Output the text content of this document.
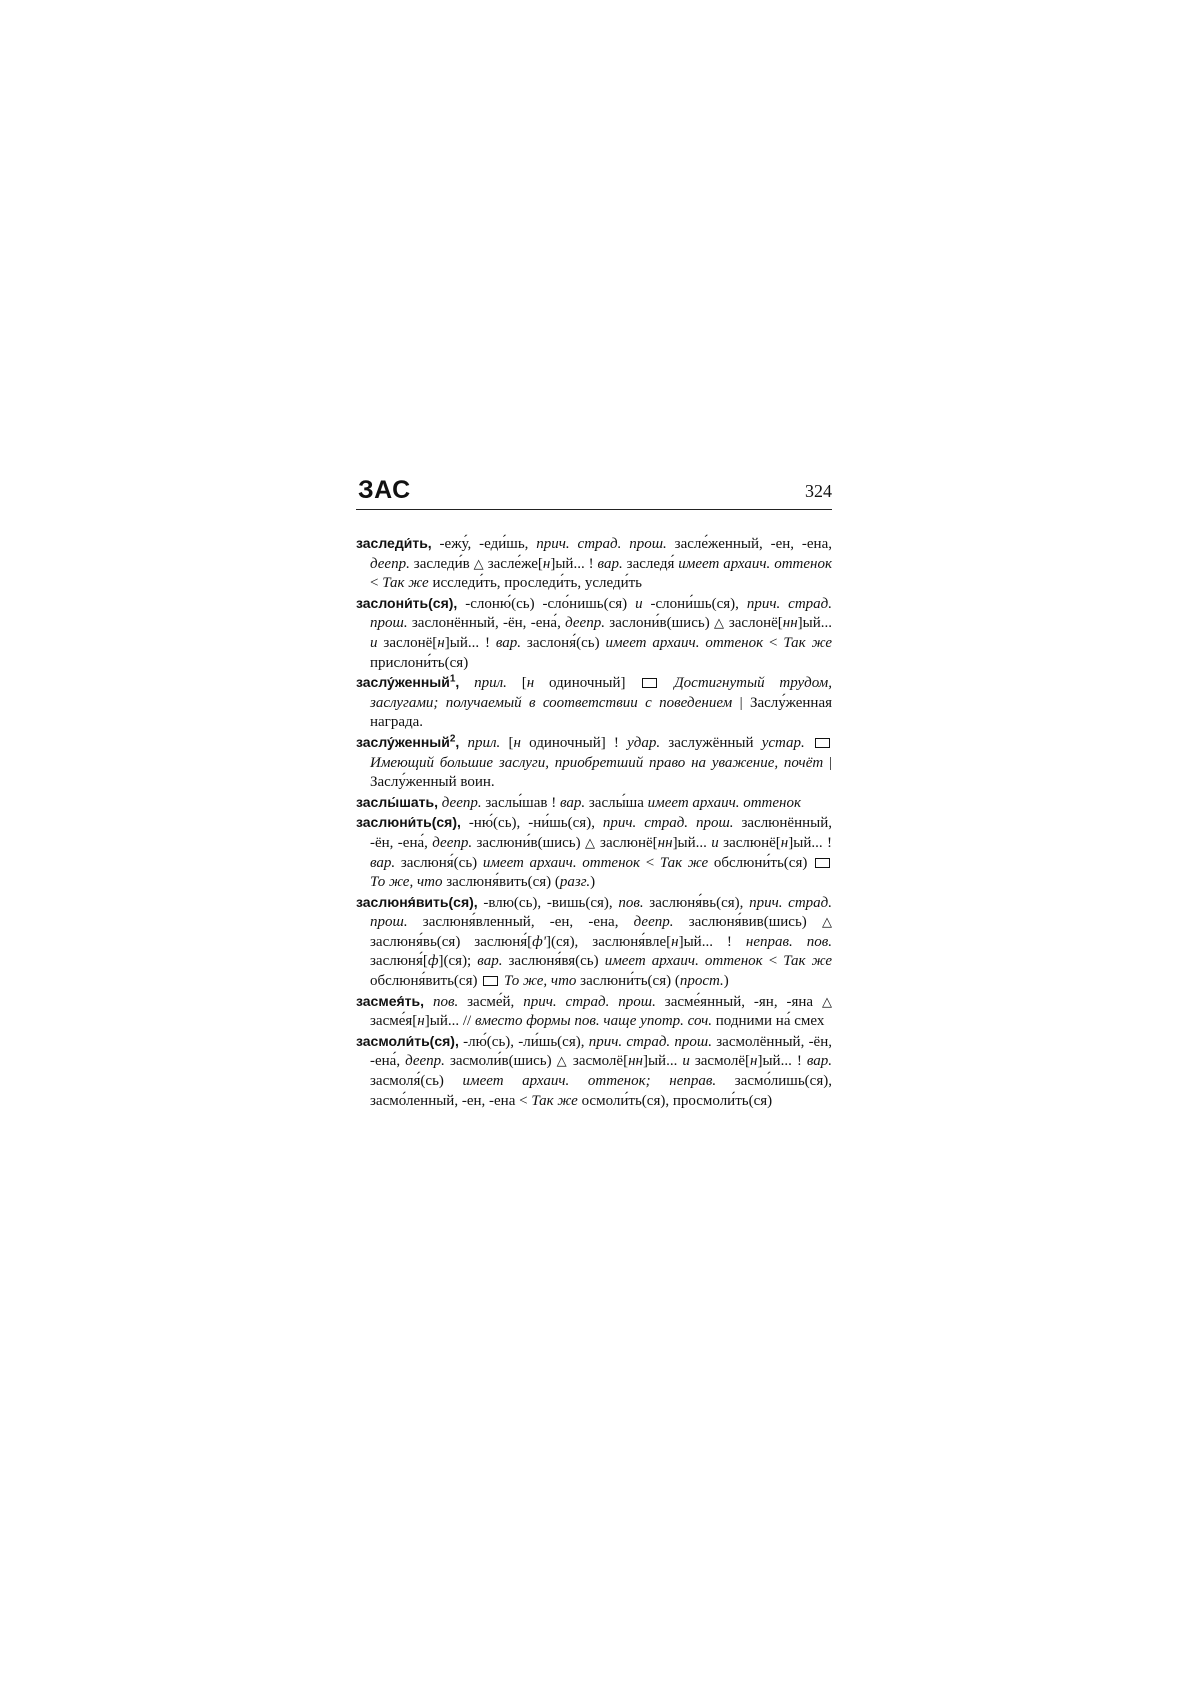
ЗАС	324

заследи́ть, -ежу́, -еди́шь, прич. страд. прош. засле́женный, -ен, -ена, деепр. заследи́в △ засле́же[н]ый... ! вар. заследя́ имеет архаич. оттенок < Так же исследи́ть, проследи́ть, уследи́ть

заслони́ть(ся), -слоню́(сь) -сло́нишь(ся) и -слони́шь(ся), прич. страд. прош. заслонённый, -ён, -ена́, деепр. заслони́в(шись) △ заслонё[нн]ый... и заслонё[н]ый... ! вар. заслоня́(сь) имеет архаич. оттенок < Так же прислони́ть(ся)

заслу́женный$^1$, прил. [н одиночный]  Достигнутый трудом, заслугами; получаемый в соответствии с поведением | Заслу́женная награда.

заслу́женный$^2$, прил. [н одиночный] ! удар. заслужённый устар.  Имеющий большие заслуги, приобретший право на уважение, почёт | Заслу́женный воин.

заслы́шать, деепр. заслы́шав ! вар. заслы́ша имеет архаич. оттенок

заслюни́ть(ся), -ню́(сь), -ни́шь(ся), прич. страд. прош. заслюнённый, -ён, -ена́, деепр. заслюни́в(шись) △ заслюнё[нн]ый... и заслюнё[н]ый... ! вар. заслюня́(сь) имеет архаич. оттенок < Так же обслюни́ть(ся)  То же, что заслюня́вить(ся) (разг.)

заслюня́вить(ся), -влю(сь), -вишь(ся), пов. заслюня́вь(ся), прич. страд. прош. заслюня́вленный, -ен, -ена, деепр. заслюня́вив(шись) △ заслюня́вь(ся) заслюня́[ф'](ся), заслюня́вле[н]ый... ! неправ. пов. заслюня́[ф](ся); вар. заслюня́вя(сь) имеет архаич. оттенок < Так же обслюня́вить(ся)  То же, что заслюни́ть(ся) (прост.)

засмея́ть, пов. засме́й, прич. страд. прош. засме́янный, -ян, -яна △ засме́я[н]ый... // вместо формы пов. чаще употр. соч. подними на́ смех

засмоли́ть(ся), -лю́(сь), -ли́шь(ся), прич. страд. прош. засмолённый, -ён, -ена́, деепр. засмоли́в(шись) △ засмолё[нн]ый... и засмолё[н]ый... ! вар. засмоля́(сь) имеет архаич. оттенок; неправ. засмо́лишь(ся), засмо́ленный, -ен, -ена < Так же осмоли́ть(ся), просмоли́ть(ся)
